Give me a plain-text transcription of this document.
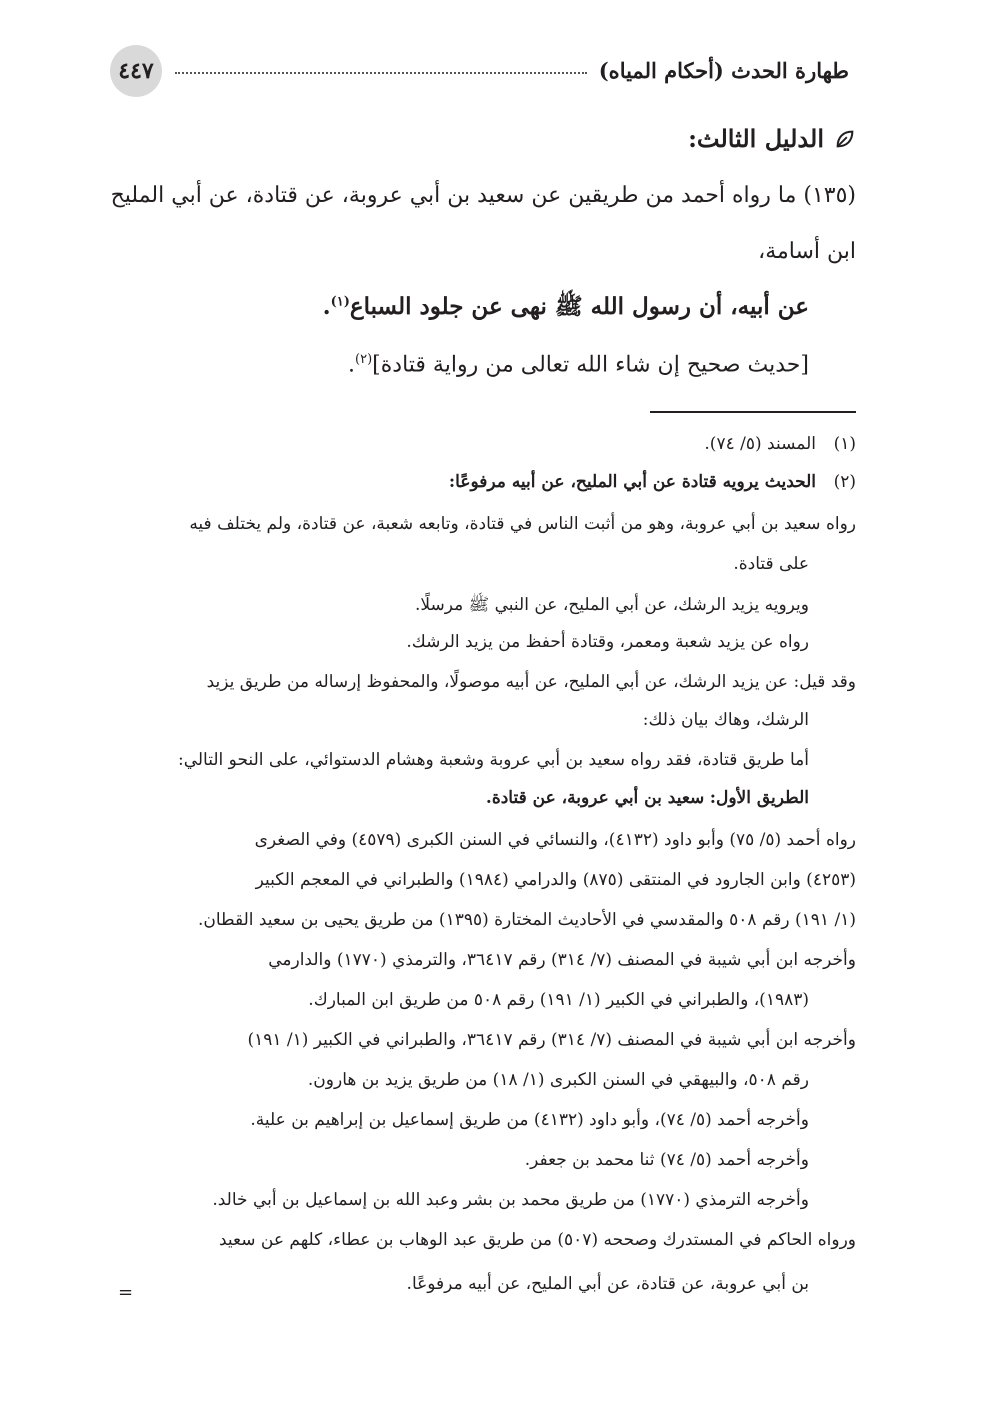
٤٤٧	طهارة الحدث (أحكام المياه)
الدليل الثالث:
(١٣٥) ما رواه أحمد من طريقين عن سعيد بن أبي عروبة، عن قتادة، عن أبي المليح
ابن أسامة،
عن أبيه، أن رسول الله ﷺ نهى عن جلود السباع$^{(١)}$.
[حديث صحيح إن شاء الله تعالى من رواية قتادة]$^{(٢)}$.
(١)المسند (٥/ ٧٤).
(٢)الحديث يرويه قتادة عن أبي المليح، عن أبيه مرفوعًا:
رواه سعيد بن أبي عروبة، وهو من أثبت الناس في قتادة، وتابعه شعبة، عن قتادة، ولم يختلف فيه
على قتادة.
ويرويه يزيد الرشك، عن أبي المليح، عن النبي ﷺ مرسلًا.
رواه عن يزيد شعبة ومعمر، وقتادة أحفظ من يزيد الرشك.
وقد قيل: عن يزيد الرشك، عن أبي المليح، عن أبيه موصولًا، والمحفوظ إرساله من طريق يزيد
الرشك، وهاك بيان ذلك:
أما طريق قتادة، فقد رواه سعيد بن أبي عروبة وشعبة وهشام الدستوائي، على النحو التالي:
الطريق الأول: سعيد بن أبي عروبة، عن قتادة.
رواه أحمد (٥/ ٧٥) وأبو داود (٤١٣٢)، والنسائي في السنن الكبرى (٤٥٧٩) وفي الصغرى
(٤٢٥٣) وابن الجارود في المنتقى (٨٧٥) والدرامي (١٩٨٤) والطبراني في المعجم الكبير
(١/ ١٩١) رقم ٥٠٨ والمقدسي في الأحاديث المختارة (١٣٩٥) من طريق يحيى بن سعيد القطان.
وأخرجه ابن أبي شيبة في المصنف (٧/ ٣١٤) رقم ٣٦٤١٧، والترمذي (١٧٧٠) والدارمي
(١٩٨٣)، والطبراني في الكبير (١/ ١٩١) رقم ٥٠٨ من طريق ابن المبارك.
وأخرجه ابن أبي شيبة في المصنف (٧/ ٣١٤) رقم ٣٦٤١٧، والطبراني في الكبير (١/ ١٩١)
رقم ٥٠٨، والبيهقي في السنن الكبرى (١/ ١٨) من طريق يزيد بن هارون.
وأخرجه أحمد (٥/ ٧٤)، وأبو داود (٤١٣٢) من طريق إسماعيل بن إبراهيم بن علية.
وأخرجه أحمد (٥/ ٧٤) ثنا محمد بن جعفر.
وأخرجه الترمذي (١٧٧٠) من طريق محمد بن بشر وعبد الله بن إسماعيل بن أبي خالد.
ورواه الحاكم في المستدرك وصححه (٥٠٧) من طريق عبد الوهاب بن عطاء، كلهم عن سعيد
بن أبي عروبة، عن قتادة، عن أبي المليح، عن أبيه مرفوعًا.
=
